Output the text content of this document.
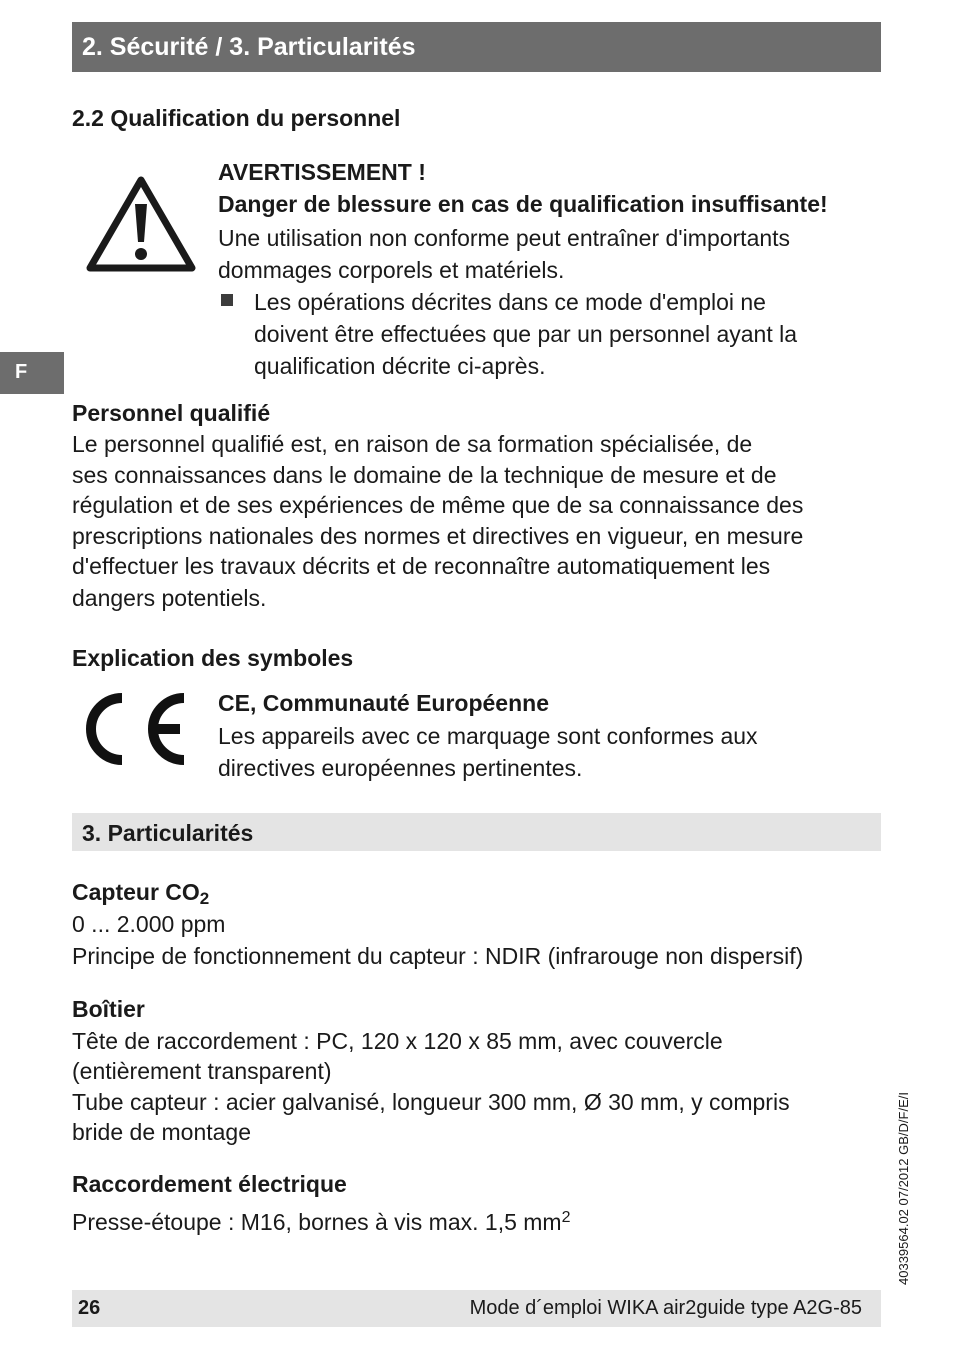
2. Sécurité / 3. Particularités
F
2.2 Qualification du personnel
AVERTISSEMENT !
Danger de blessure en cas de qualification insuffisante!
Une utilisation non conforme peut entraîner d'importants
dommages corporels et matériels.
Les opérations décrites dans ce mode d'emploi ne
doivent être effectuées que par un personnel ayant la
qualification décrite ci-après.
Personnel qualifié
Le personnel qualifié est, en raison de sa formation spécialisée, de
ses connaissances dans le domaine de la technique de mesure et de
régulation et de ses expériences de même que de sa connaissance des
prescriptions nationales des normes et directives en vigueur, en mesure
d'effectuer les travaux décrits et de reconnaître automatiquement les
dangers potentiels.
Explication des symboles
CE	CE, Communauté Européenne
Les appareils avec ce marquage sont conformes aux
directives européennes pertinentes.
3. Particularités
Capteur $CO_2$
0 ... 2.000 ppm
Principe de fonctionnement du capteur : NDIR (infrarouge non dispersif)
Boîtier
Tête de raccordement : PC, 120 x 120 x 85 mm, avec couvercle
(entièrement transparent)
Tube capteur : acier galvanisé, longueur 300 mm, Ø 30 mm, y compris
bride de montage
Raccordement électrique
Presse-étoupe : M16, bornes à vis max. 1,5 $mm^2$	40339564.02 07/2012 GB/D/F/E/I
26	Mode d´emploi WIKA air2guide type A2G-85
